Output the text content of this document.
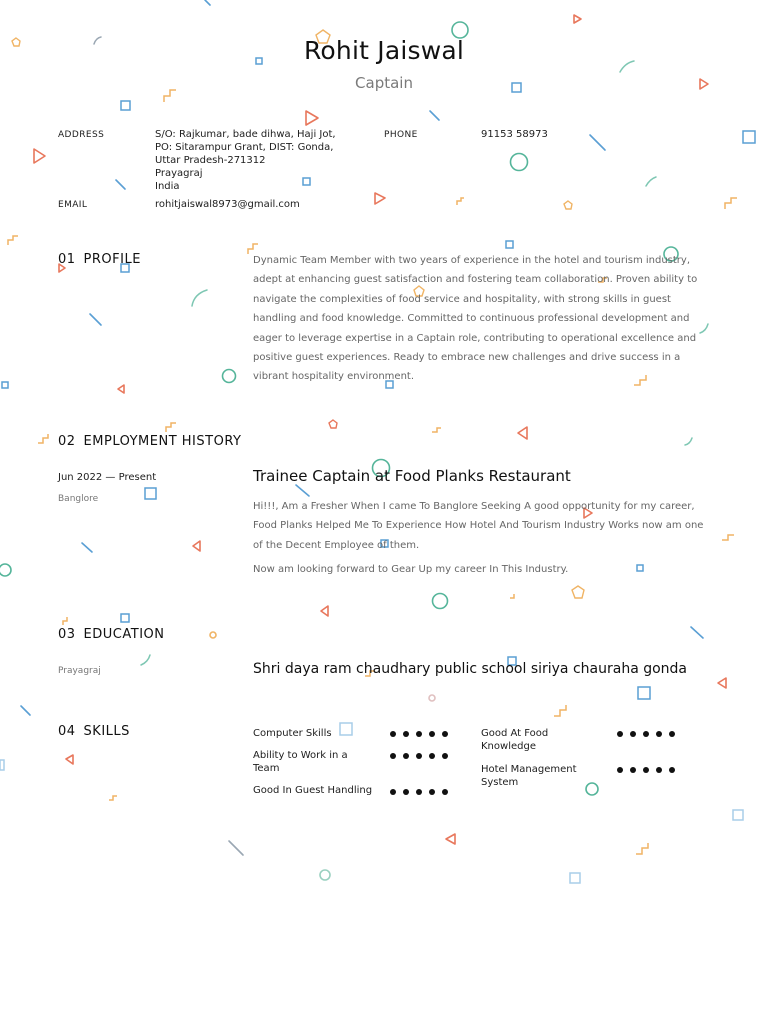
Rohit Jaiswal
Captain
ADDRESS	S/O: Rajkumar, bade dihwa, Haji Jot,
PO: Sitarampur Grant, DIST: Gonda,
Uttar Pradesh-271312
Prayagraj
India
PHONE	91153 58973
EMAIL	rohitjaiswal8973@gmail.com
01 PROFILE	Dynamic Team Member with two years of experience in the hotel and tourism industry, adept at enhancing guest satisfaction and fostering team collaboration. Proven ability to navigate the complexities of food service and hospitality, with strong skills in guest handling and food knowledge. Committed to continuous professional development and eager to leverage expertise in a Captain role, contributing to operational excellence and positive guest experiences. Ready to embrace new challenges and drive success in a vibrant hospitality environment.
02 EMPLOYMENT HISTORY
Jun 2022 — Present
Banglore
Trainee Captain at Food Planks Restaurant
Hi!!!, Am a Fresher When I came To Banglore Seeking A good opportunity for my career, Food Planks Helped Me To Experience How Hotel And Tourism Industry Works now am one of the Decent Employee of them.
Now am looking forward to Gear Up my career In This Industry.
03 EDUCATION
Prayagraj	Shri daya ram chaudhary public school siriya chauraha gonda
04 SKILLS	Computer Skills
Ability to Work in a Team
Good In Guest Handling
Good At Food Knowledge
Hotel Management System
